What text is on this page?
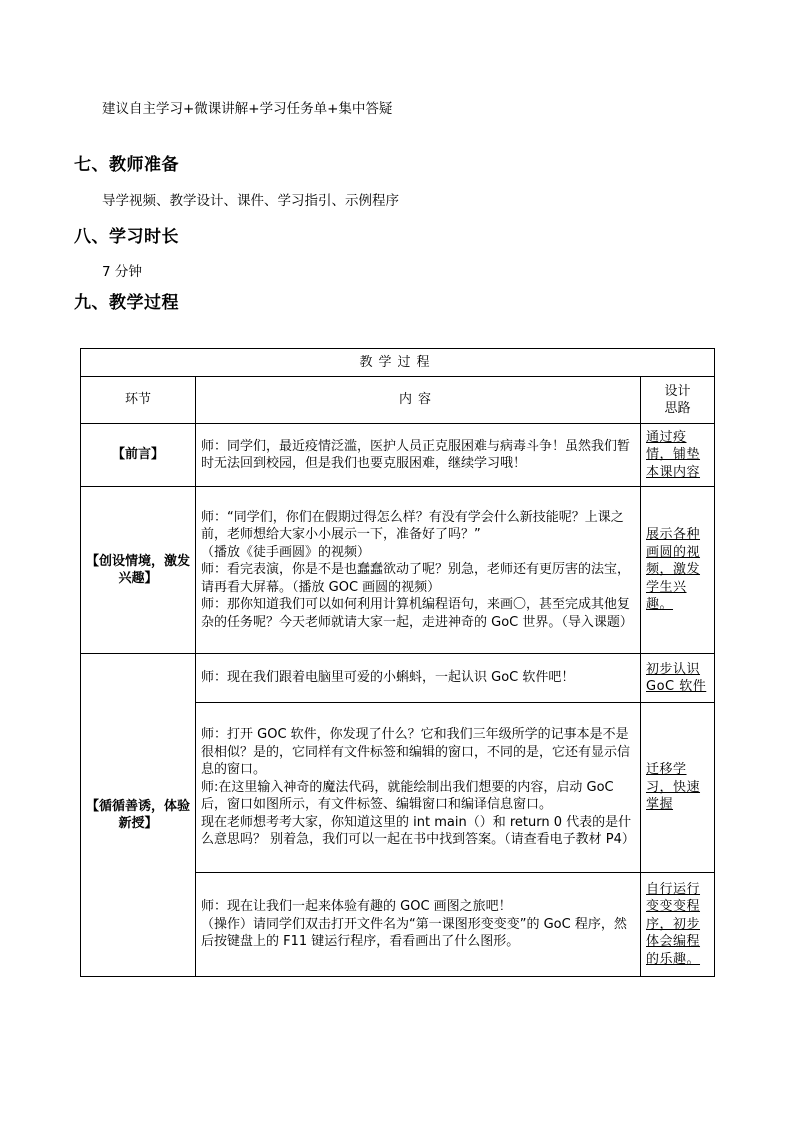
建议自主学习+微课讲解+学习任务单+集中答疑
七、教师准备
导学视频、教学设计、课件、学习指引、示例程序
八、学习时长
7 分钟
九、教学过程
教学过程		
环节	内容	设计
思路

【前言】	师：同学们，最近疫情泛滥，医护人员正克服困难与病毒斗争！虽然我们暂时无法回到校园，但是我们也要克服困难，继续学习哦！	通过疫情，铺垫本课内容
【创设情境，激发兴趣】	师：“同学们，你们在假期过得怎么样？有没有学会什么新技能呢？上课之前，老师想给大家小小展示一下，准备好了吗？”
（播放《徒手画圆》的视频）
师：看完表演，你是不是也蠢蠢欲动了呢？别急，老师还有更厉害的法宝，请再看大屏幕。（播放 GOC 画圆的视频）
师：那你知道我们可以如何利用计算机编程语句，来画〇，甚至完成其他复杂的任务呢？今天老师就请大家一起，走进神奇的 GoC 世界。（导入课题）	展示各种画圆的视频，激发学生兴趣。
【循循善诱，体验新授】	师：现在我们跟着电脑里可爱的小蝌蚪，一起认识 GoC 软件吧！	初步认识GoC 软件

	师：打开 GOC 软件，你发现了什么？它和我们三年级所学的记事本是不是很相似？是的，它同样有文件标签和编辑的窗口，不同的是，它还有显示信息的窗口。
师:在这里输入神奇的魔法代码，就能绘制出我们想要的内容，启动 GoC 后，窗口如图所示，有文件标签、编辑窗口和编译信息窗口。
现在老师想考考大家，你知道这里的 int main（）和 return 0 代表的是什么意思吗？ 别着急，我们可以一起在书中找到答案。（请查看电子教材 P4）	迁移学习，快速掌握

	师：现在让我们一起来体验有趣的 GOC 画图之旅吧！
（操作）请同学们双击打开文件名为“第一课图形变变变”的 GoC 程序，然后按键盘上的 F11 键运行程序，看看画出了什么图形。	自行运行变变变程序，初步体会编程的乐趣。
